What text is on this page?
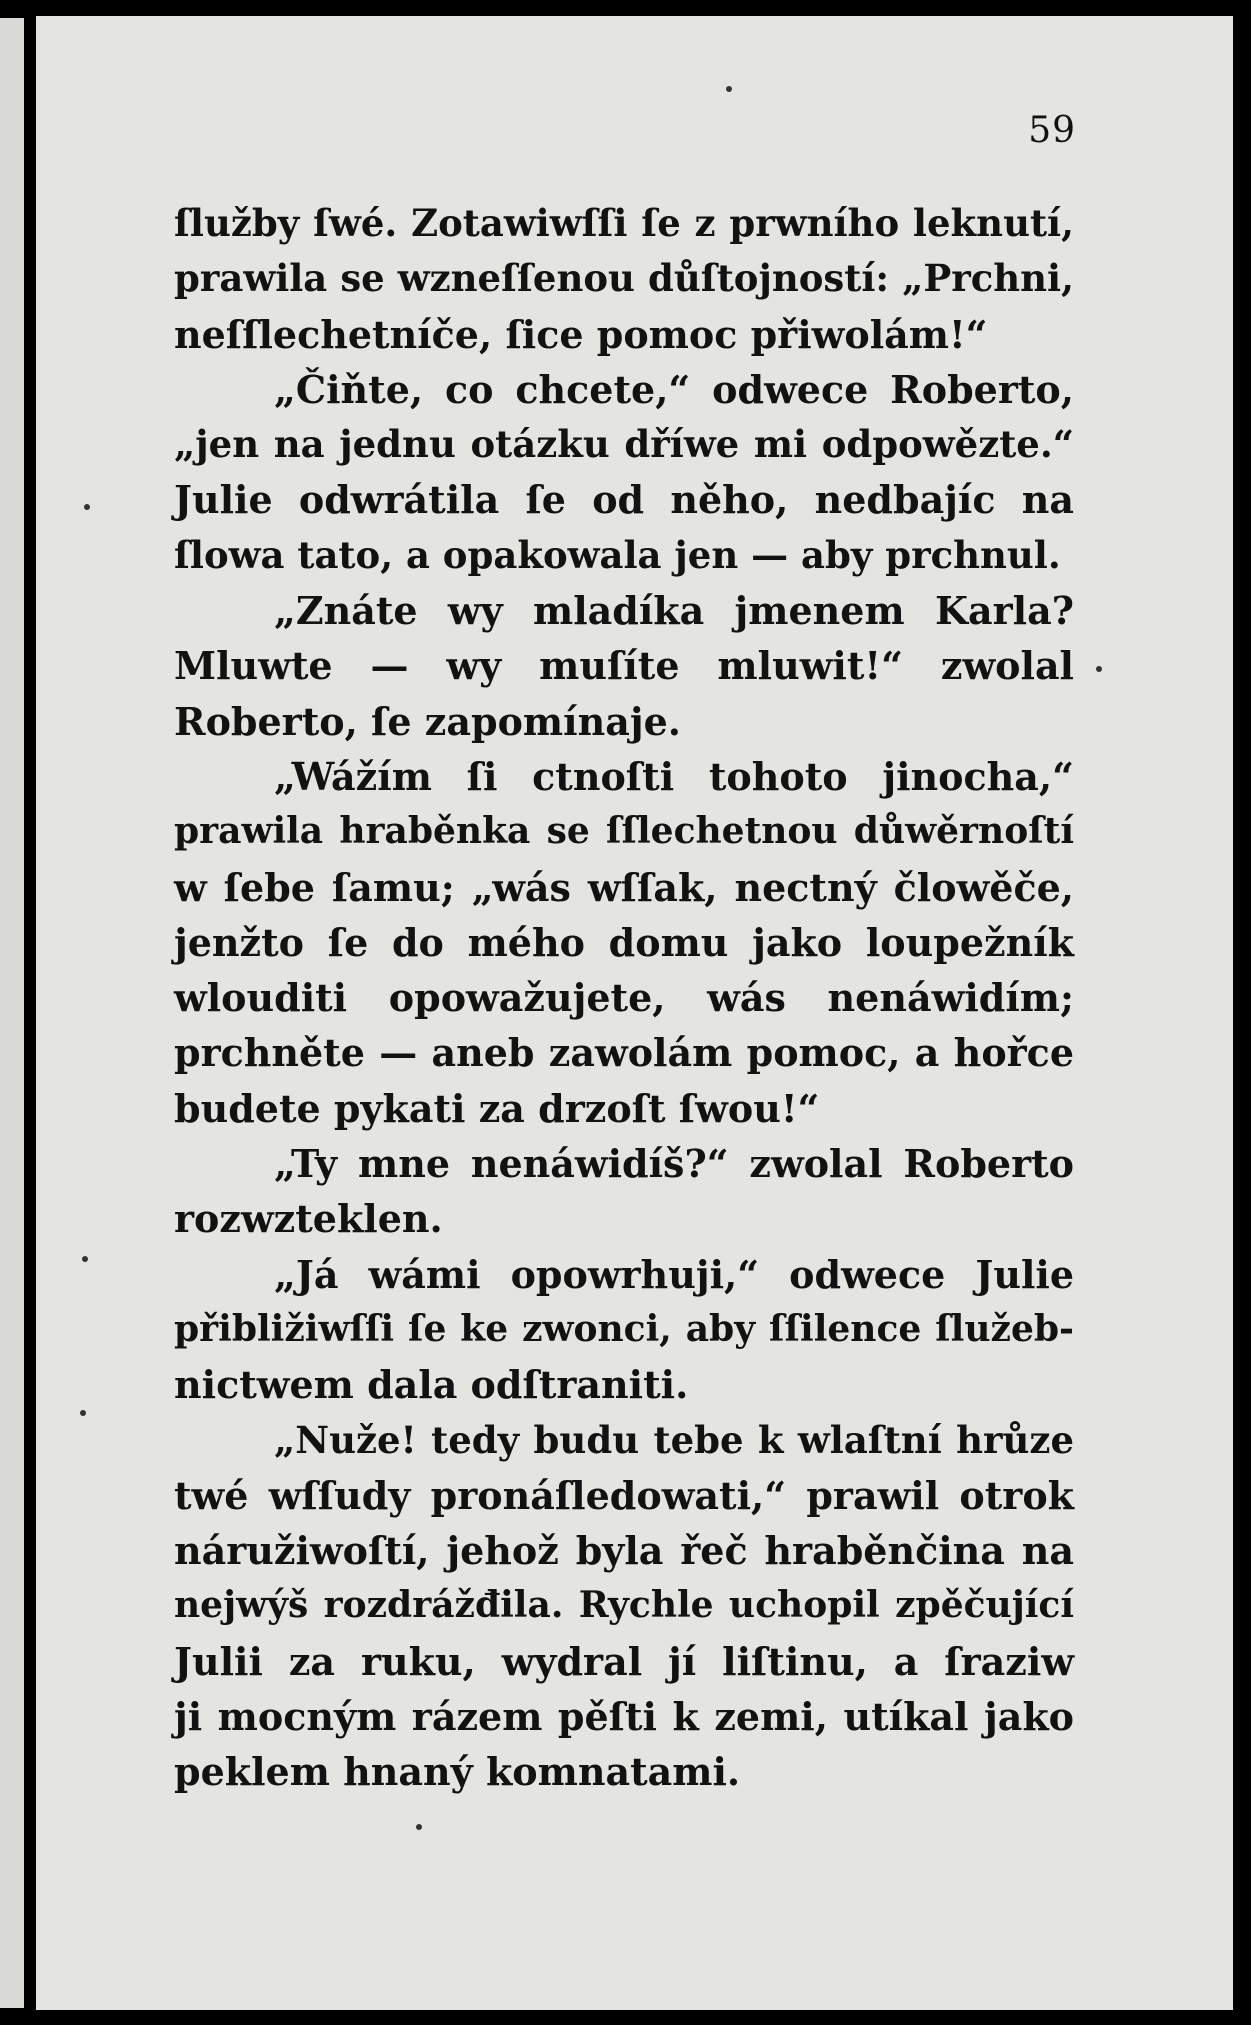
59
ſlužby ſwé. Zotawiwſſi ſe z prwního leknutí,
prawila se wzneſſenou důſtojností: „Prchni,
neſſlechetníče, ſice pomoc přiwolám!“
„Čiňte, co chcete,“ odwece Roberto,
„jen na jednu otázku dříwe mi odpowězte.“
Julie odwrátila ſe od něho, nedbajíc na
ſlowa tato, a opakowala jen — aby prchnul.
„Znáte wy mladíka jmenem Karla?
Mluwte — wy muſíte mluwit!“ zwolal
Roberto, ſe zapomínaje.
„Wážím ſi ctnoſti tohoto jinocha,“
prawila hraběnka se ſſlechetnou důwěrnoſtí
w ſebe ſamu; „wás wſſak, nectný člowěče,
jenžto ſe do mého domu jako loupežník
wlouditi opowažujete, wás nenáwidím;
prchněte — aneb zawolám pomoc, a hořce
budete pykati za drzoſt ſwou!“
„Ty mne nenáwidíš?“ zwolal Roberto
rozwzteklen.
„Já wámi opowrhuji,“ odwece Julie
přibližiwſſi ſe ke zwonci, aby ſſilence ſlužeb-
nictwem dala odſtraniti.
„Nuže! tedy budu tebe k wlaſtní hrůze
twé wſſudy pronáſledowati,“ prawil otrok
náružiwoſtí, jehož byla řeč hraběnčina na
nejwýš rozdrážđila. Rychle uchopil zpěčující
Julii za ruku, wydral jí liſtinu, a ſraziw
ji mocným rázem pěſti k zemi, utíkal jako
peklem hnaný komnatami.
